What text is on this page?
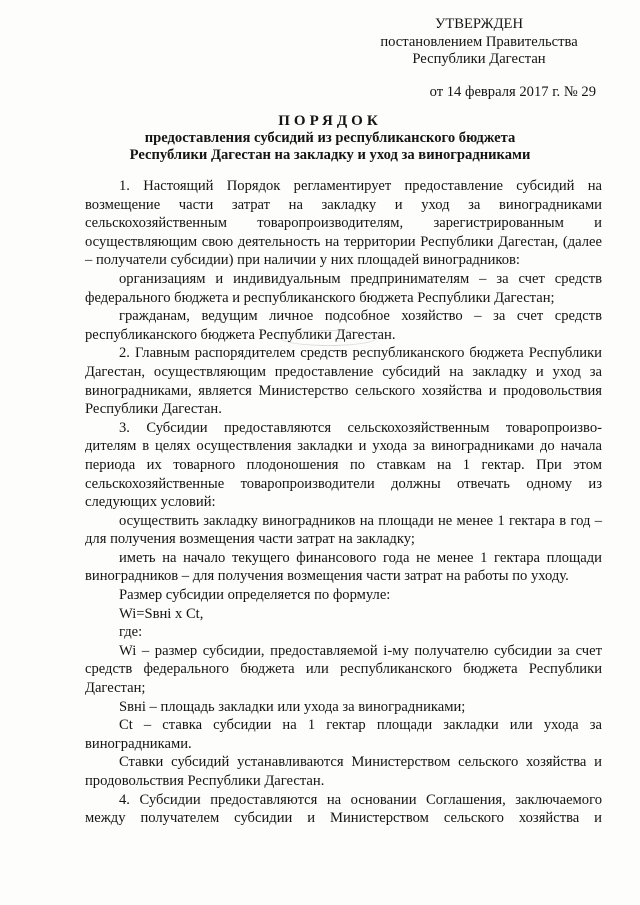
УТВЕРЖДЕН
постановлением Правительства
Республики Дагестан
от 14 февраля 2017 г. № 29
ПОРЯДОК
предоставления субсидий из республиканского бюджета
Республики Дагестан на закладку и уход за виноградниками

1. Настоящий Порядок регламентирует предоставление субсидий на возмещение части затрат на закладку и уход за виноградниками сельскохозяйственным товаропроизводителям, зарегистрированным и осуществляющим свою деятельность на территории Республики Дагестан, (далее – получатели субсидии) при наличии у них площадей виноградников:

организациям и индивидуальным предпринимателям – за счет средств федерального бюджета и республиканского бюджета Республики Дагестан;

гражданам, ведущим личное подсобное хозяйство – за счет средств республиканского бюджета Республики Дагестан.

2. Главным распорядителем средств республиканского бюджета Республики Дагестан, осуществляющим предоставление субсидий на закладку и уход за виноградниками, является Министерство сельского хозяйства и продовольствия Республики Дагестан.

3. Субсидии предоставляются сельскохозяйственным товаропроизво-дителям в целях осуществления закладки и ухода за виноградниками до начала периода их товарного плодоношения по ставкам на 1 гектар. При этом сельскохозяйственные товаропроизводители должны отвечать одному из следующих условий:

осуществить закладку виноградников на площади не менее 1 гектара в год – для получения возмещения части затрат на закладку;

иметь на начало текущего финансового года не менее 1 гектара площади виноградников – для получения возмещения части затрат на работы по уходу.

Размер субсидии определяется по формуле:

Wi=Sвнi х Ct,

где:

Wi – размер субсидии, предоставляемой i-му получателю субсидии за счет средств федерального бюджета или республиканского бюджета Республики Дагестан;

Sвнi – площадь закладки или ухода за виноградниками;

Ct – ставка субсидии на 1 гектар площади закладки или ухода за виноградниками.

Ставки субсидий устанавливаются Министерством сельского хозяйства и продовольствия Республики Дагестан.

4. Субсидии предоставляются на основании Соглашения, заключаемого между получателем субсидии и Министерством сельского хозяйства и
